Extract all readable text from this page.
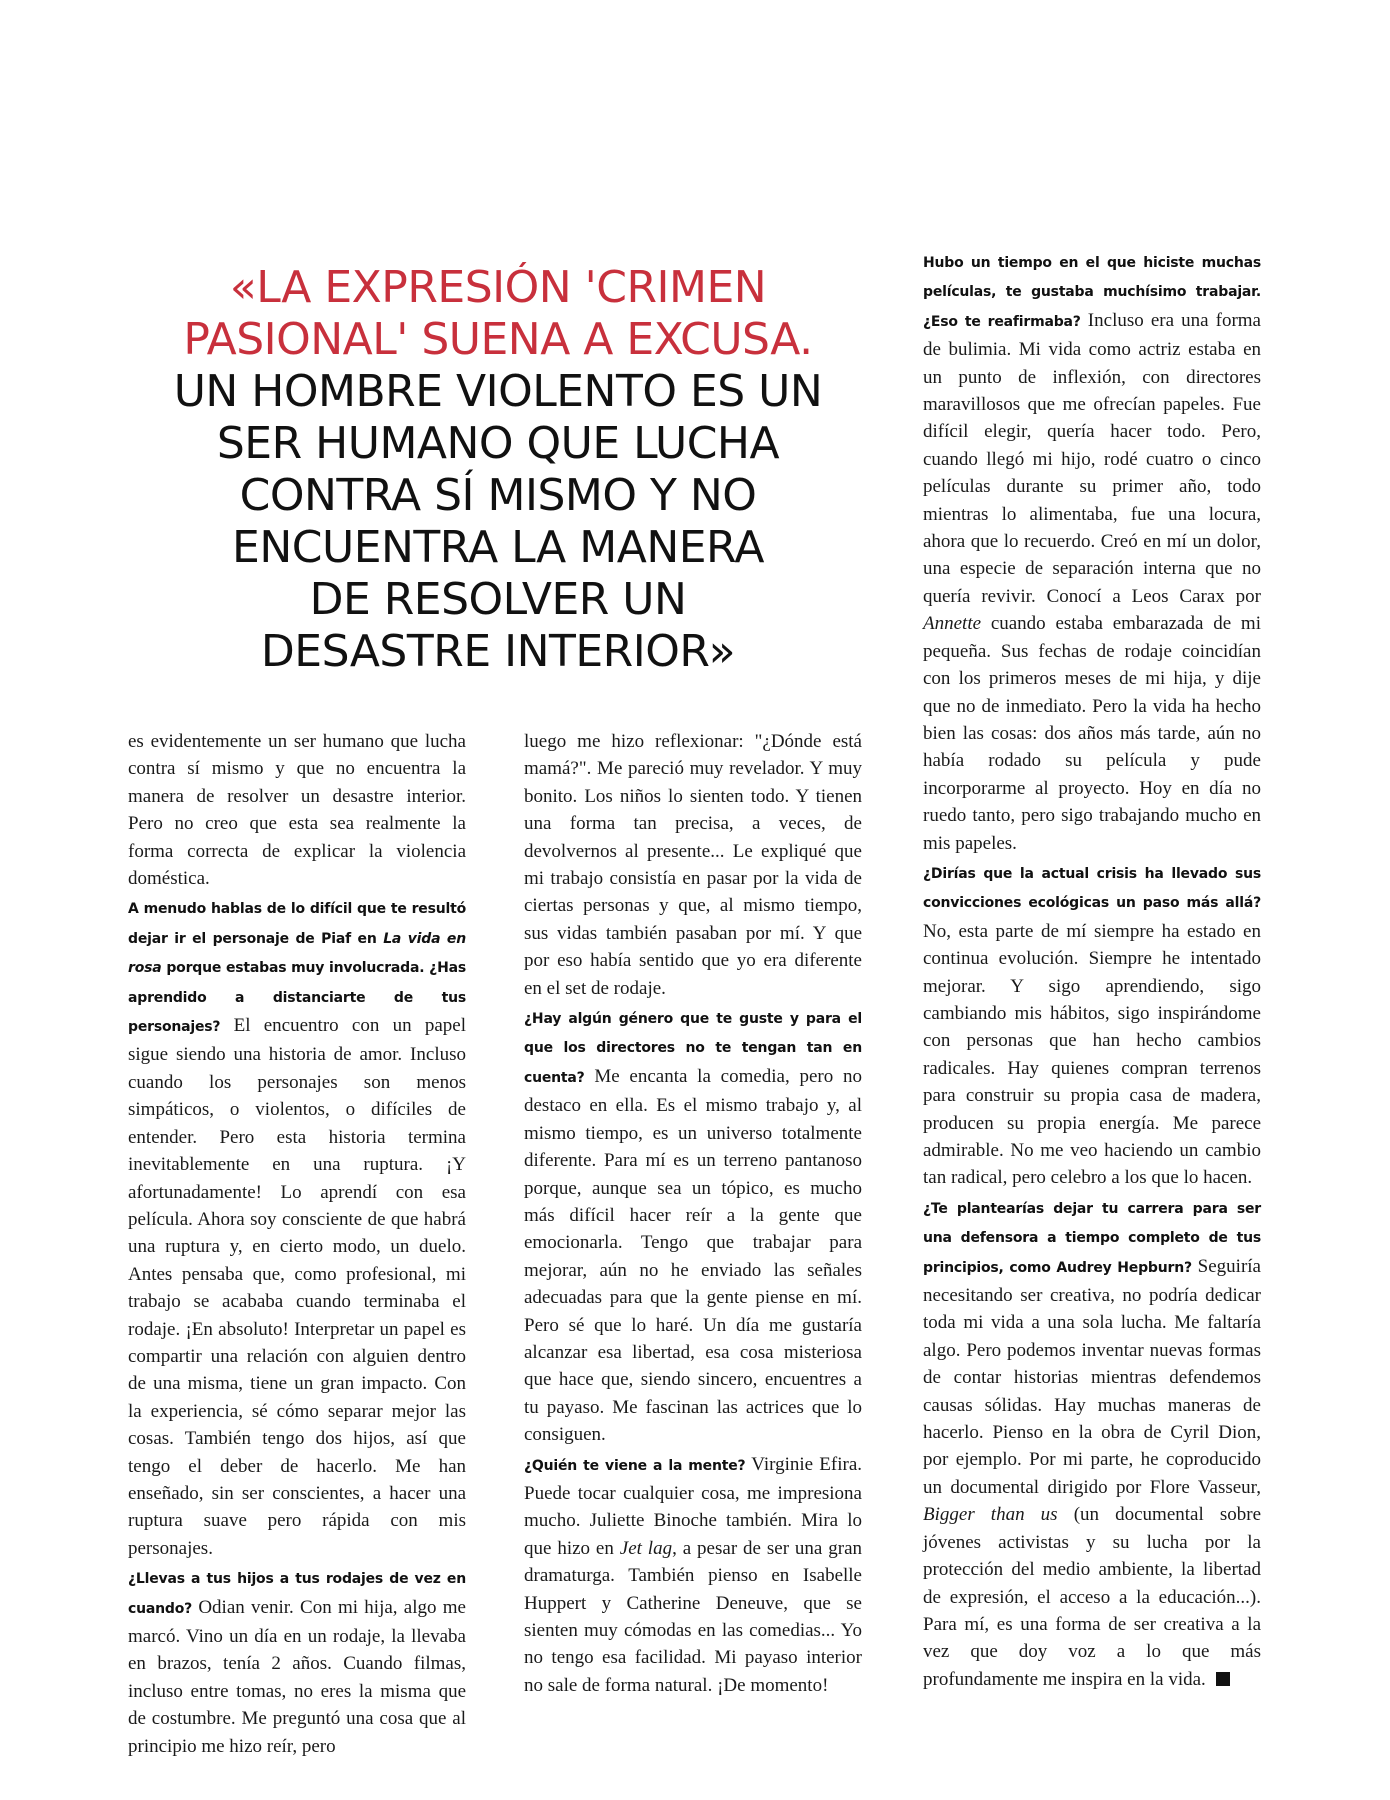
«LA EXPRESIÓN 'CRIMEN
PASIONAL' SUENA A EXCUSA.
UN HOMBRE VIOLENTO ES UN
SER HUMANO QUE LUCHA
CONTRA SÍ MISMO Y NO
ENCUENTRA LA MANERA
DE RESOLVER UN
DESASTRE INTERIOR»

es evidentemente un ser humano que lucha contra sí mismo y que no encuentra la manera de resolver un desastre interior. Pero no creo que esta sea realmente la forma correcta de explicar la violencia doméstica.

A menudo hablas de lo difícil que te resultó dejar ir el personaje de Piaf en La vida en rosa porque estabas muy involucrada. ¿Has aprendido a distanciarte de tus personajes? El encuentro con un papel sigue siendo una historia de amor. Incluso cuando los personajes son menos simpáticos, o violentos, o difíciles de entender. Pero esta historia termina inevitablemente en una ruptura. ¡Y afortunadamente! Lo aprendí con esa película. Ahora soy consciente de que habrá una ruptura y, en cierto modo, un duelo. Antes pensaba que, como profesional, mi trabajo se acababa cuando terminaba el rodaje. ¡En absoluto! Interpretar un papel es compartir una relación con alguien dentro de una misma, tiene un gran impacto. Con la experiencia, sé cómo separar mejor las cosas. También tengo dos hijos, así que tengo el deber de hacerlo. Me han enseñado, sin ser conscientes, a hacer una ruptura suave pero rápida con mis personajes.

¿Llevas a tus hijos a tus rodajes de vez en cuando? Odian venir. Con mi hija, algo me marcó. Vino un día en un rodaje, la llevaba en brazos, tenía 2 años. Cuando filmas, incluso entre tomas, no eres la misma que de costumbre. Me preguntó una cosa que al principio me hizo reír, pero

luego me hizo reflexionar: "¿Dónde está mamá?". Me pareció muy revelador. Y muy bonito. Los niños lo sienten todo. Y tienen una forma tan precisa, a veces, de devolvernos al presente... Le expliqué que mi trabajo consistía en pasar por la vida de ciertas personas y que, al mismo tiempo, sus vidas también pasaban por mí. Y que por eso había sentido que yo era diferente en el set de rodaje.

¿Hay algún género que te guste y para el que los directores no te tengan tan en cuenta? Me encanta la comedia, pero no destaco en ella. Es el mismo trabajo y, al mismo tiempo, es un universo totalmente diferente. Para mí es un terreno pantanoso porque, aunque sea un tópico, es mucho más difícil hacer reír a la gente que emocionarla. Tengo que trabajar para mejorar, aún no he enviado las señales adecuadas para que la gente piense en mí. Pero sé que lo haré. Un día me gustaría alcanzar esa libertad, esa cosa misteriosa que hace que, siendo sincero, encuentres a tu payaso. Me fascinan las actrices que lo consiguen.

¿Quién te viene a la mente? Virginie Efira. Puede tocar cualquier cosa, me impresiona mucho. Juliette Binoche también. Mira lo que hizo en Jet lag, a pesar de ser una gran dramaturga. También pienso en Isabelle Huppert y Catherine Deneuve, que se sienten muy cómodas en las comedias... Yo no tengo esa facilidad. Mi payaso interior no sale de forma natural. ¡De momento!

Hubo un tiempo en el que hiciste muchas películas, te gustaba muchísimo trabajar. ¿Eso te reafirmaba? Incluso era una forma de bulimia. Mi vida como actriz estaba en un punto de inflexión, con directores maravillosos que me ofrecían papeles. Fue difícil elegir, quería hacer todo. Pero, cuando llegó mi hijo, rodé cuatro o cinco películas durante su primer año, todo mientras lo alimentaba, fue una locura, ahora que lo recuerdo. Creó en mí un dolor, una especie de separación interna que no quería revivir. Conocí a Leos Carax por Annette cuando estaba embarazada de mi pequeña. Sus fechas de rodaje coincidían con los primeros meses de mi hija, y dije que no de inmediato. Pero la vida ha hecho bien las cosas: dos años más tarde, aún no había rodado su película y pude incorporarme al proyecto. Hoy en día no ruedo tanto, pero sigo trabajando mucho en mis papeles.

¿Dirías que la actual crisis ha llevado sus convicciones ecológicas un paso más allá? No, esta parte de mí siempre ha estado en continua evolución. Siempre he intentado mejorar. Y sigo aprendiendo, sigo cambiando mis hábitos, sigo inspirándome con personas que han hecho cambios radicales. Hay quienes compran terrenos para construir su propia casa de madera, producen su propia energía. Me parece admirable. No me veo haciendo un cambio tan radical, pero celebro a los que lo hacen.

¿Te plantearías dejar tu carrera para ser una defensora a tiempo completo de tus principios, como Audrey Hepburn? Seguiría necesitando ser creativa, no podría dedicar toda mi vida a una sola lucha. Me faltaría algo. Pero podemos inventar nuevas formas de contar historias mientras defendemos causas sólidas. Hay muchas maneras de hacerlo. Pienso en la obra de Cyril Dion, por ejemplo. Por mi parte, he coproducido un documental dirigido por Flore Vasseur, Bigger than us (un documental sobre jóvenes activistas y su lucha por la protección del medio ambiente, la libertad de expresión, el acceso a la educación...). Para mí, es una forma de ser creativa a la vez que doy voz a lo que más profundamente me inspira en la vida.
